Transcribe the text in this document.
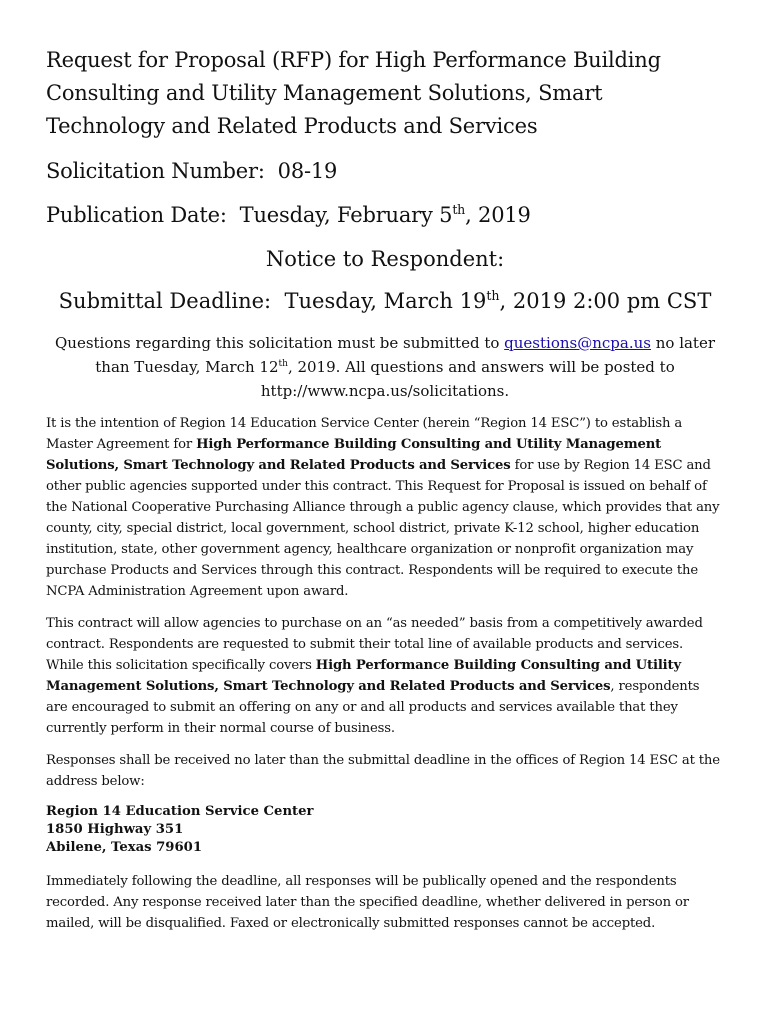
Request for Proposal (RFP) for High Performance Building Consulting and Utility Management Solutions, Smart Technology and Related Products and Services
Solicitation Number: 08-19
Publication Date: Tuesday, February 5th, 2019
Notice to Respondent:
Submittal Deadline: Tuesday, March 19th, 2019 2:00 pm CST

Questions regarding this solicitation must be submitted to questions@ncpa.us no later than Tuesday, March 12th, 2019. All questions and answers will be posted to http://www.ncpa.us/solicitations.

It is the intention of Region 14 Education Service Center (herein “Region 14 ESC”) to establish a Master Agreement for High Performance Building Consulting and Utility Management Solutions, Smart Technology and Related Products and Services for use by Region 14 ESC and other public agencies supported under this contract. This Request for Proposal is issued on behalf of the National Cooperative Purchasing Alliance through a public agency clause, which provides that any county, city, special district, local government, school district, private K-12 school, higher education institution, state, other government agency, healthcare organization or nonprofit organization may purchase Products and Services through this contract. Respondents will be required to execute the NCPA Administration Agreement upon award.

This contract will allow agencies to purchase on an “as needed” basis from a competitively awarded contract. Respondents are requested to submit their total line of available products and services. While this solicitation specifically covers High Performance Building Consulting and Utility Management Solutions, Smart Technology and Related Products and Services, respondents are encouraged to submit an offering on any or and all products and services available that they currently perform in their normal course of business.

Responses shall be received no later than the submittal deadline in the offices of Region 14 ESC at the address below:

Region 14 Education Service Center
1850 Highway 351
Abilene, Texas 79601

Immediately following the deadline, all responses will be publically opened and the respondents recorded. Any response received later than the specified deadline, whether delivered in person or mailed, will be disqualified. Faxed or electronically submitted responses cannot be accepted.
